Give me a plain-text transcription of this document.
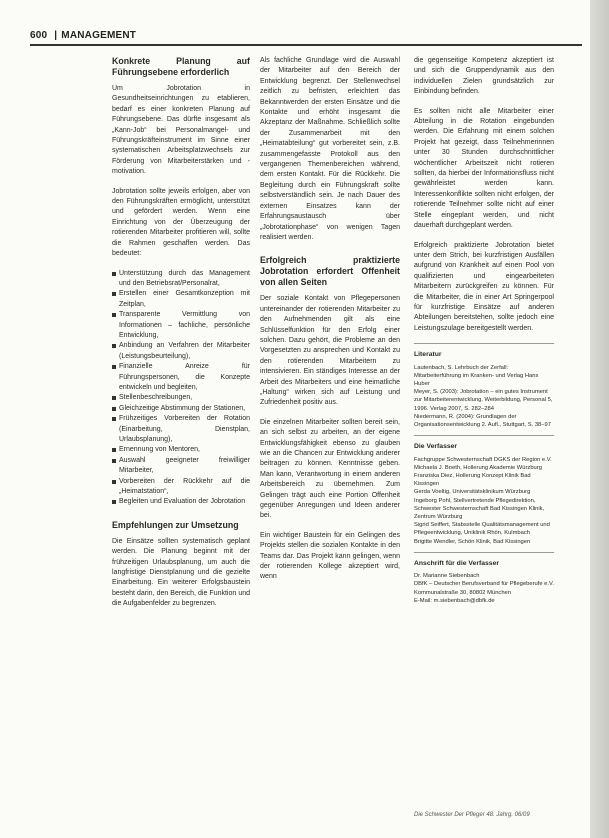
600 | MANAGEMENT
Konkrete Planung auf Führungsebene erforderlich

Um Jobrotation in Gesundheitseinrichtungen zu etablieren, bedarf es einer konkreten Planung auf Führungsebene. Das dürfte insgesamt als „Kann-Job“ bei Personalmangel- und Führungskräfteinstrument im Sinne einer systematischen Arbeitsplatzwechsels zur Förderung von Mitarbeiterstärken und -motivation.

Jobrotation sollte jeweils erfolgen, aber von den Führungskräften ermöglicht, unterstützt und gefördert werden. Wenn eine Einrichtung von der Überzeugung der rotierenden Mitarbeiter profitieren will, sollte die Rahmen geschaffen werden. Das bedeutet:

Unterstützung durch das Management und den Betriebsrat/Personalrat,
Erstellen einer Gesamtkonzeption mit Zeitplan,
Transparente Vermittlung von Informationen – fachliche, persönliche Entwicklung,
Anbindung an Verfahren der Mitarbeiter (Leistungsbeurteilung),
Finanzielle Anreize für Führungspersonen, die Konzepte entwickeln und begleiten,
Stellenbeschreibungen,
Gleichzeitige Abstimmung der Stationen,
Frühzeitiges Vorbereiten der Rotation (Einarbeitung, Dienstplan, Urlaubsplanung),
Ernennung von Mentoren,
Auswahl geeigneter freiwilliger Mitarbeiter,
Vorbereiten der Rückkehr auf die „Heimatstation“,
Begleiten und Evaluation der Jobrotation
Empfehlungen zur Umsetzung

Die Einsätze sollten systematisch geplant werden. Die Planung beginnt mit der frühzeitigen Urlaubsplanung, um auch die langfristige Dienstplanung und die gezielte Einarbeitung. Ein weiterer Erfolgsbaustein besteht darin, den Bereich, die Funktion und die Aufgabenfelder zu begrenzen.

Als fachliche Grundlage wird die Auswahl der Mitarbeiter auf den Bereich der Entwicklung begrenzt. Der Stellenwechsel zeitlich zu befristen, erleichtert das Bekanntwerden der ersten Einsätze und die Kontakte und erhöht insgesamt die Akzeptanz der Maßnahme. Schließlich sollte der Zusammenarbeit mit den „Heimatabteilung“ gut vorbereitet sein, z.B. zusammengefasste Protokoll aus den vergangenen Themenbereichen während, dem ersten Kontakt. Für die Rückkehr. Die Begleitung durch ein Führungskraft sollte selbstverständlich sein. Je nach Dauer des externen Einsatzes kann der Erfahrungsaustausch über „Jobrotationphase“ von wenigen Tagen realisiert werden.

Erfolgreich praktizierte Jobrotation erfordert Offenheit von allen Seiten

Der soziale Kontakt von Pflegepersonen untereinander der rotierenden Mitarbeiter zu den Aufnehmenden gilt als eine Schlüsselfunktion für den Erfolg einer solchen. Dazu gehört, die Probleme an den Vorgesetzten zu ansprechen und Kontakt zu den rotierenden Mitarbeitern zu intensivieren. Ein ständiges Interesse an der Arbeit des Mitarbeiters und eine heimatliche „Haltung“ wirken sich auf Leistung und Zufriedenheit positiv aus.

Die einzelnen Mitarbeiter sollten bereit sein, an sich selbst zu arbeiten, an der eigene Entwicklungsfähigkeit ebenso zu glauben wie an die Chancen zur Entwicklung anderer beitragen zu können. Kenntnisse geben. Man kann, Verantwortung in einem anderen Arbeitsbereich zu übernehmen. Zum Gelingen trägt auch eine Portion Offenheit gegenüber Anregungen und Ideen anderer bei.

Ein wichtiger Baustein für ein Gelingen des Projekts stellen die sozialen Kontakte in den Teams dar. Das Projekt kann gelingen, wenn der rotierenden Kollege akzeptiert wird, wenn

die gegenseitige Kompetenz akzeptiert ist und sich die Gruppendynamik aus den individuellen Zielen grundsätzlich zur Einbindung befinden.

Es sollten nicht alle Mitarbeiter einer Abteilung in die Rotation eingebunden werden. Die Erfahrung mit einem solchen Projekt hat gezeigt, dass Teilnehmerinnen unter 30 Stunden durchschnittlicher wöchentlicher Arbeitszeit nicht rotieren sollten, da hierbei der Informationsfluss nicht gewährleistet werden kann. Interessenkonflikte sollten nicht erfolgen, der rotierende Teilnehmer sollte nicht auf einer Stelle eingeplant werden, und nicht dauerhaft durchgeplant werden.

Erfolgreich praktizierte Jobrotation bietet unter dem Strich, bei kurzfristigen Ausfällen aufgrund von Krankheit auf einen Pool von qualifizierten und eingearbeiteten Mitarbeitern zurückgreifen zu können. Für die Mitarbeiter, die in einer Art Springerpool für kurzfristige Einsätze auf anderen Abteilungen bereitstehen, sollte jedoch eine Leistungszulage bereitgestellt werden.

Literatur
Lautenbach, S. Lehrbuch der Zerfall: Mitarbeiterführung im Kranken- und Verlag Hans Huber
Meyer, S. (2003): Jobrotation – ein gutes Instrument zur Mitarbeiterentwicklung. Weiterbildung, Personal 5, 1996. Verlag 2007, S. 282–284
Niedermann, R. (2004): Grundlagen der Organisationsentwicklung 2. Aufl., Stuttgart, S. 38–97
Die Verfasser
Fachgruppe Schwesternschaft DGKS der Region e.V.
Michaela J. Boeth, Hollerung Akademie Würzburg
Franziska Diez, Hollerung Konzept Klinik Bad Kissingen
Gerda Voeltig, Universitätsklinikum Würzburg
Ingeborg Pohl, Stellvertretende Pflegedirektion, Schwester Schwesternschaft Bad Kissingen Klinik, Zentrum Würzburg
Sigrid Seiffert, Stabsstelle Qualitätsmanagement und Pflegeentwicklung, Uniklinik Rhön, Kulmbach
Brigitte Wendler, Schön Klinik, Bad Kissingen
Anschrift für die Verfasser
Dr. Marianne Siebenbach
DBfK – Deutscher Berufsverband für Pflegeberufe e.V.
Kommunalstraße 30, 80802 München
E-Mail: m.siebenbach@dbfk.de
Die Schwester Der Pfleger 48. Jahrg. 06/09
